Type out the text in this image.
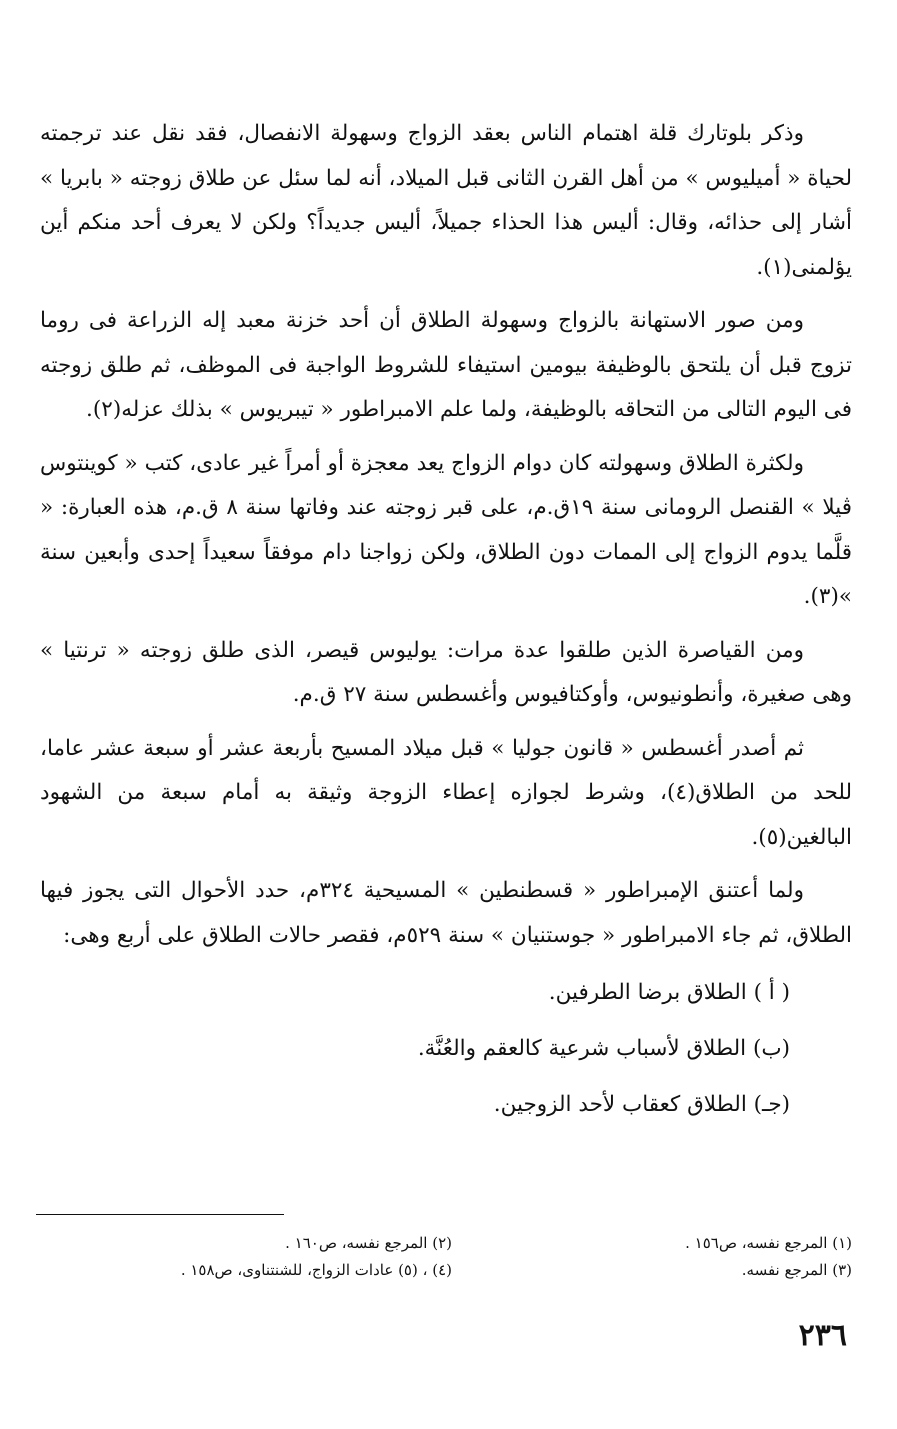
وذكر بلوتارك قلة اهتمام الناس بعقد الزواج وسهولة الانفصال، فقد نقل عند ترجمته لحياة « أميليوس » من أهل القرن الثانى قبل الميلاد، أنه لما سئل عن طلاق زوجته « بابريا » أشار إلى حذائه، وقال: أليس هذا الحذاء جميلاً، أليس جديداً؟ ولكن لا يعرف أحد منكم أين يؤلمنى(١).

ومن صور الاستهانة بالزواج وسهولة الطلاق أن أحد خزنة معبد إله الزراعة فى روما تزوج قبل أن يلتحق بالوظيفة بيومين استيفاء للشروط الواجبة فى الموظف، ثم طلق زوجته فى اليوم التالى من التحاقه بالوظيفة، ولما علم الامبراطور « تيبريوس » بذلك عزله(٢).

ولكثرة الطلاق وسهولته كان دوام الزواج يعد معجزة أو أمراً غير عادى، كتب « كوينتوس ڤيلا » القنصل الرومانى سنة ١٩ق.م، على قبر زوجته عند وفاتها سنة ٨ ق.م، هذه العبارة: « قلَّما يدوم الزواج إلى الممات دون الطلاق، ولكن زواجنا دام موفقاً سعيداً إحدى وأبعين سنة »(٣).

ومن القياصرة الذين طلقوا عدة مرات: يوليوس قيصر، الذى طلق زوجته « ترنتيا » وهى صغيرة، وأنطونيوس، وأوكتافيوس وأغسطس سنة ٢٧ ق.م.

ثم أصدر أغسطس « قانون جوليا » قبل ميلاد المسيح بأربعة عشر أو سبعة عشر عاما، للحد من الطلاق(٤)، وشرط لجوازه إعطاء الزوجة وثيقة به أمام سبعة من الشهود البالغين(٥).

ولما أعتنق الإمبراطور « قسطنطين » المسيحية ٣٢٤م، حدد الأحوال التى يجوز فيها الطلاق، ثم جاء الامبراطور « جوستنيان » سنة ٥٢٩م، فقصر حالات الطلاق على أربع وهى:

( أ ) الطلاق برضا الطرفين.

(ب) الطلاق لأسباب شرعية كالعقم والعُنَّة.

(جـ) الطلاق كعقاب لأحد الزوجين.

(١) المرجع نفسه، ص١٥٦ .
(٢) المرجع نفسه، ص١٦٠ .
(٣) المرجع نفسه.
(٤) ، (٥) عادات الزواج، للشنتناوى، ص١٥٨ .
٢٣٦
